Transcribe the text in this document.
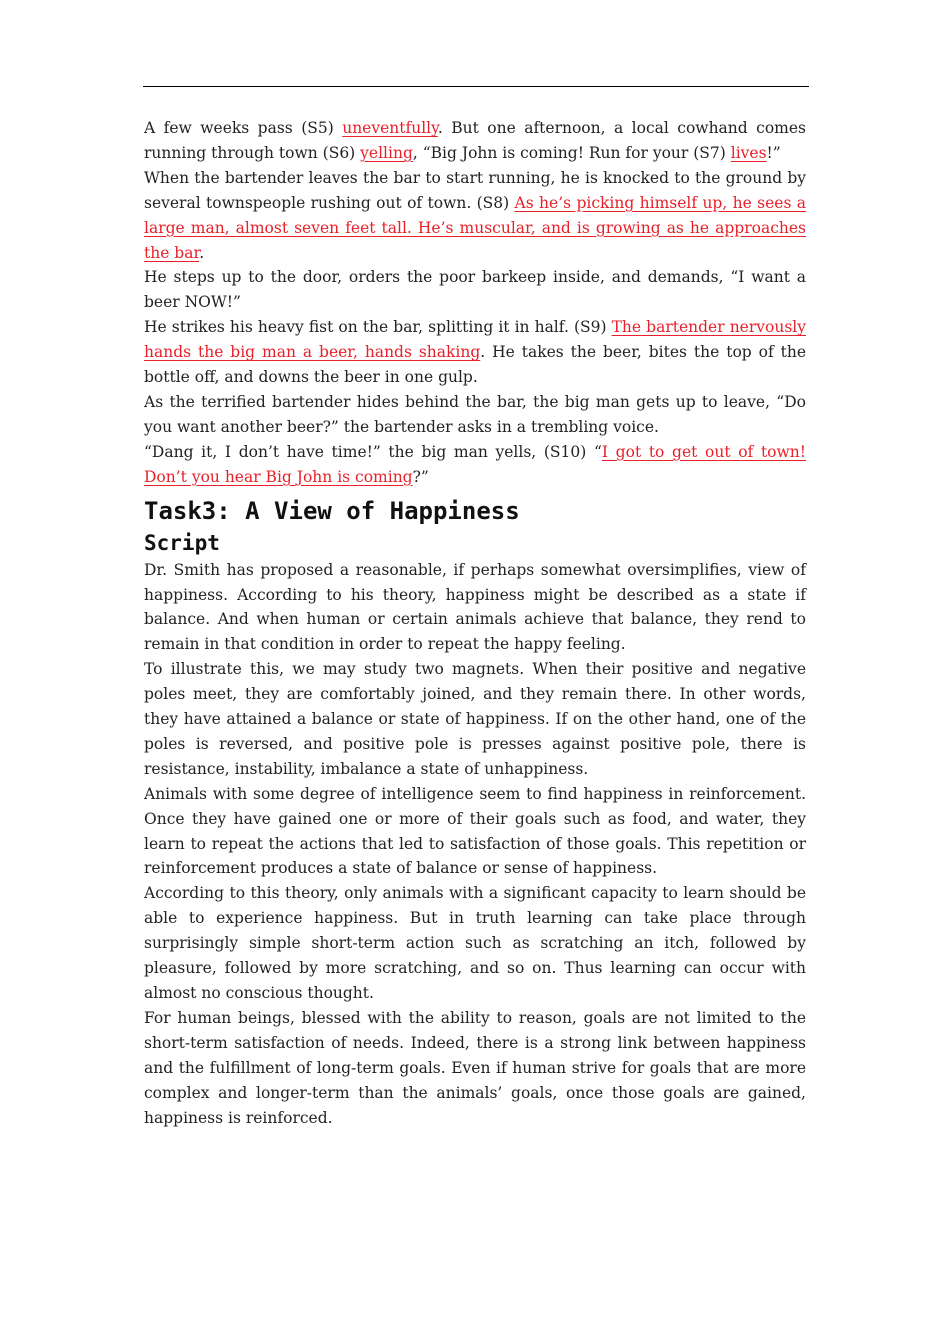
A few weeks pass (S5) uneventfully. But one afternoon, a local cowhand comes running through town (S6) yelling, “Big John is coming! Run for your (S7) lives!”

When the bartender leaves the bar to start running, he is knocked to the ground by several townspeople rushing out of town. (S8) As he’s picking himself up, he sees a large man, almost seven feet tall. He’s muscular, and is growing as he approaches the bar.

He steps up to the door, orders the poor barkeep inside, and demands, “I want a beer NOW!”

He strikes his heavy fist on the bar, splitting it in half. (S9) The bartender nervously hands the big man a beer, hands shaking. He takes the beer, bites the top of the bottle off, and downs the beer in one gulp.

As the terrified bartender hides behind the bar, the big man gets up to leave, “Do you want another beer?” the bartender asks in a trembling voice.

“Dang it, I don’t have time!” the big man yells, (S10) “I got to get out of town! Don’t you hear Big John is coming?”

Task3: A View of Happiness
Script

Dr. Smith has proposed a reasonable, if perhaps somewhat oversimplifies, view of happiness. According to his theory, happiness might be described as a state if balance. And when human or certain animals achieve that balance, they rend to remain in that condition in order to repeat the happy feeling.

To illustrate this, we may study two magnets. When their positive and negative poles meet, they are comfortably joined, and they remain there. In other words, they have attained a balance or state of happiness. If on the other hand, one of the poles is reversed, and positive pole is presses against positive pole, there is resistance, instability, imbalance a state of unhappiness.

Animals with some degree of intelligence seem to find happiness in reinforcement. Once they have gained one or more of their goals such as food, and water, they learn to repeat the actions that led to satisfaction of those goals. This repetition or reinforcement produces a state of balance or sense of happiness.

According to this theory, only animals with a significant capacity to learn should be able to experience happiness. But in truth learning can take place through surprisingly simple short-term action such as scratching an itch, followed by pleasure, followed by more scratching, and so on. Thus learning can occur with almost no conscious thought.

For human beings, blessed with the ability to reason, goals are not limited to the short-term satisfaction of needs. Indeed, there is a strong link between happiness and the fulfillment of long-term goals. Even if human strive for goals that are more complex and longer-term than the animals’ goals, once those goals are gained, happiness is reinforced.
